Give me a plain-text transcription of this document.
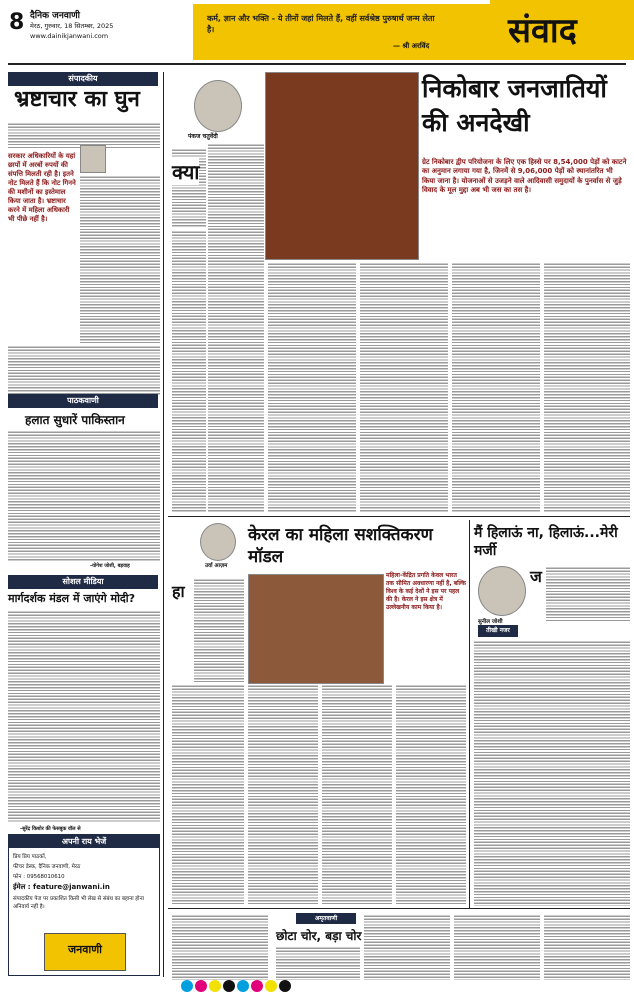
8 दैनिक जनवाणी
मेरठ, गुरुवार, 18 सितम्बर, 2025
www.dainikjanwani.com
कर्म, ज्ञान और भक्ति - ये तीनों जहां मिलते हैं, वहीं सर्वश्रेष्ठ पुरुषार्थ जन्म लेता है।
— श्री अरविंद संवाद
संपादकीय
भ्रष्टाचार का घुन
सरकार अधिकारियों के यहां छापों में अरबों रुपयों की संपत्ति मिलती रही है। इतने नोट मिलते हैं कि नोट गिनने की मशीनों का इस्तेमाल किया जाता है। भ्रष्टाचार करने में महिला अधिकारी भी पीछे नहीं है।
पाठकवाणी
हलात सुधारें पाकिस्तान
-योगेश जोशी, बड़वाह
सोशल मीडिया
मार्गदर्शक मंडल में जाएंगे मोदी?
-सुरेंद्र किशोर की फेसबुक वॉल से
अपनी राय भेजें
प्रिय प्रिय पाठकों,
फीचर डेस्क, दैनिक जनवाणी, मेरठ
फोन : 09568010610
ईमेल : feature@janwani.in
संपादकीय पेज पर प्रकाशित किसी भी लेख से संबंध का बहाना होना अनिवार्य नहीं है।
जनवाणी
पंकज चतुर्वेदी
क्या
निकोबार जनजातियों की अनदेखी
ग्रेट निकोबार द्वीप परियोजना के लिए एक हिस्से पर 8,54,000 पेड़ों को काटने का अनुमान लगाया गया है, जिनमें से 9,06,000 पेड़ों को स्थानांतरित भी किया जाना है। योजनाओं से उजड़ने वाले आदिवासी समुदायों के पुनर्वास से जुड़े विवाद के मूल मुद्दा अब भी जस का तस है।
उर्वा आज़म
केरल का महिला सशक्तिकरण मॉडल
महिला-केंद्रित प्रगति केवल भारत तक सीमित अवधारणा नहीं है, बल्कि विश्व के कई देशों ने इस पर पहल की है। केरल ने इस क्षेत्र में उल्लेखनीय काम किया है।
हा
मैं हिलाऊं ना, हिलाऊं...मेरी मर्जी
सुनील जोशी
ज
तीखी नजर
अमृतवाणी
छोटा चोर, बड़ा चोर
